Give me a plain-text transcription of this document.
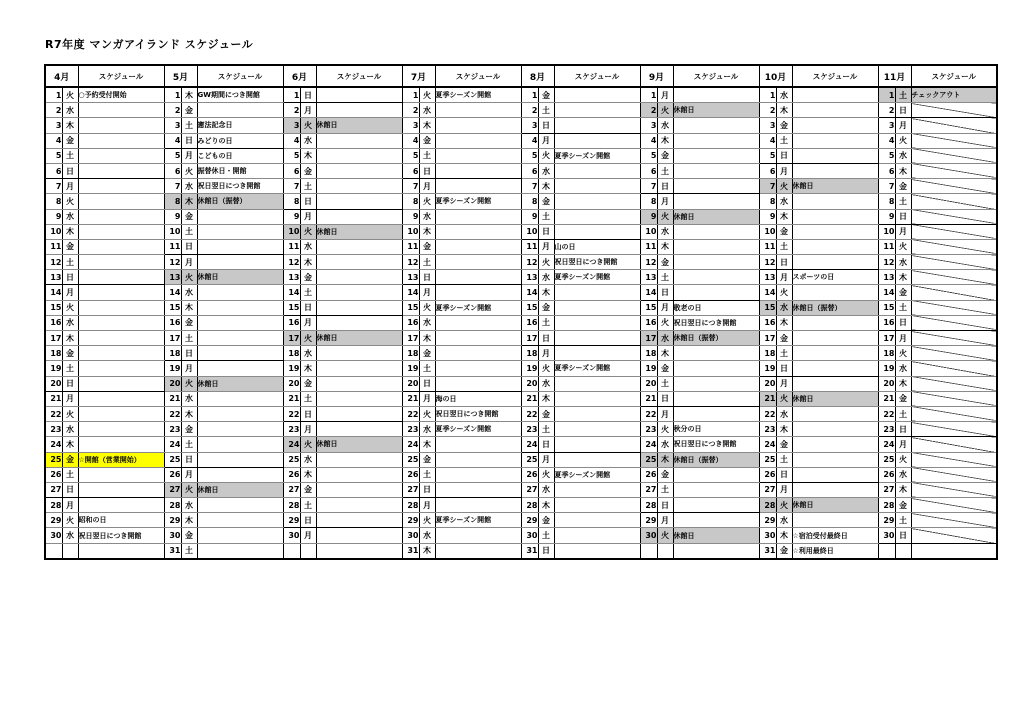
R7年度 マンガアイランド スケジュール
4月		スケジュール	5月		スケジュール	6月		スケジュール	7月		スケジュール	8月		スケジュール	9月		スケジュール	10月		スケジュール	11月		スケジュール
1	火	○予約受付開始	1	木	GW期間につき開館	1	日		1	火	夏季シーズン開館	1	金		1	月		1	水		1	土	チェックアウト
2	水		2	金		2	月		2	水		2	土		2	火	休館日	2	木		2	日	
3	木		3	土	憲法記念日	3	火	休館日	3	木		3	日		3	水		3	金		3	月	
4	金		4	日	みどりの日	4	水		4	金		4	月		4	木		4	土		4	火	
5	土		5	月	こどもの日	5	木		5	土		5	火	夏季シーズン開館	5	金		5	日		5	水	
6	日		6	火	振替休日・開館	6	金		6	日		6	水		6	土		6	月		6	木	
7	月		7	水	祝日翌日につき開館	7	土		7	月		7	木		7	日		7	火	休館日	7	金	
8	火		8	木	休館日（振替）	8	日		8	火	夏季シーズン開館	8	金		8	月		8	水		8	土	
9	水		9	金		9	月		9	水		9	土		9	火	休館日	9	木		9	日	
10	木		10	土		10	火	休館日	10	木		10	日		10	水		10	金		10	月	
11	金		11	日		11	水		11	金		11	月	山の日	11	木		11	土		11	火	
12	土		12	月		12	木		12	土		12	火	祝日翌日につき開館	12	金		12	日		12	水	
13	日		13	火	休館日	13	金		13	日		13	水	夏季シーズン開館	13	土		13	月	スポーツの日	13	木	
14	月		14	水		14	土		14	月		14	木		14	日		14	火		14	金	
15	火		15	木		15	日		15	火	夏季シーズン開館	15	金		15	月	敬老の日	15	水	休館日（振替）	15	土	
16	水		16	金		16	月		16	水		16	土		16	火	祝日翌日につき開館	16	木		16	日	
17	木		17	土		17	火	休館日	17	木		17	日		17	水	休館日（振替）	17	金		17	月	
18	金		18	日		18	水		18	金		18	月		18	木		18	土		18	火	
19	土		19	月		19	木		19	土		19	火	夏季シーズン開館	19	金		19	日		19	水	
20	日		20	火	休館日	20	金		20	日		20	水		20	土		20	月		20	木	
21	月		21	水		21	土		21	月	海の日	21	木		21	日		21	火	休館日	21	金	
22	火		22	木		22	日		22	火	祝日翌日につき開館	22	金		22	月		22	水		22	土	
23	水		23	金		23	月		23	水	夏季シーズン開館	23	土		23	火	秋分の日	23	木		23	日	
24	木		24	土		24	火	休館日	24	木		24	日		24	水	祝日翌日につき開館	24	金		24	月	
25	金	☆開館（営業開始）	25	日		25	水		25	金		25	月		25	木	休館日（振替）	25	土		25	火	
26	土		26	月		26	木		26	土		26	火	夏季シーズン開館	26	金		26	日		26	水	
27	日		27	火	休館日	27	金		27	日		27	水		27	土		27	月		27	木	
28	月		28	水		28	土		28	月		28	木		28	日		28	火	休館日	28	金	
29	火	昭和の日	29	木		29	日		29	火	夏季シーズン開館	29	金		29	月		29	水		29	土	
30	水	祝日翌日につき開館	30	金		30	月		30	水		30	土		30	火	休館日	30	木	☆宿泊受付最終日	30	日	
			31	土					31	木		31	日					31	金	☆利用最終日			
